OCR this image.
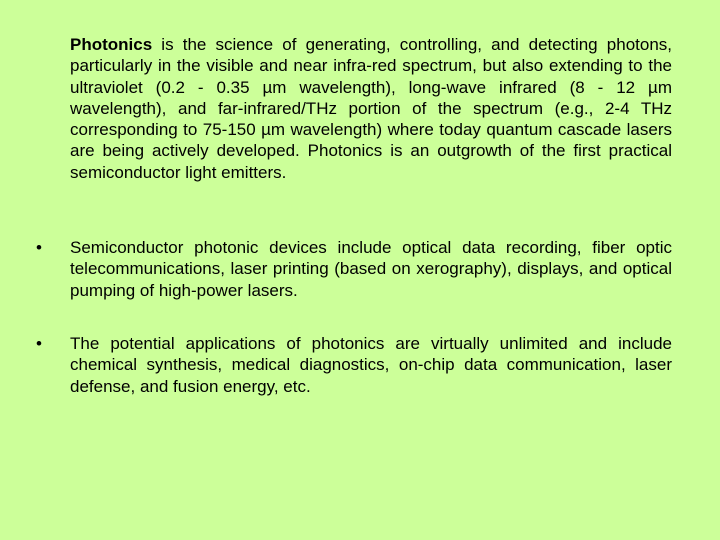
Photonics is the science of generating, controlling, and detecting photons, particularly in the visible and near infra-red spectrum, but also extending to the ultraviolet (0.2 - 0.35 µm wavelength), long-wave infrared (8 - 12 µm wavelength), and far-infrared/THz portion of the spectrum (e.g., 2-4 THz corresponding to 75-150 µm wavelength) where today quantum cascade lasers are being actively developed. Photonics is an outgrowth of the first practical semiconductor light emitters.

• Semiconductor photonic devices include optical data recording, fiber optic telecommunications, laser printing (based on xerography), displays, and optical pumping of high-power lasers.

• The potential applications of photonics are virtually unlimited and include chemical synthesis, medical diagnostics, on-chip data communication, laser defense, and fusion energy, etc.
